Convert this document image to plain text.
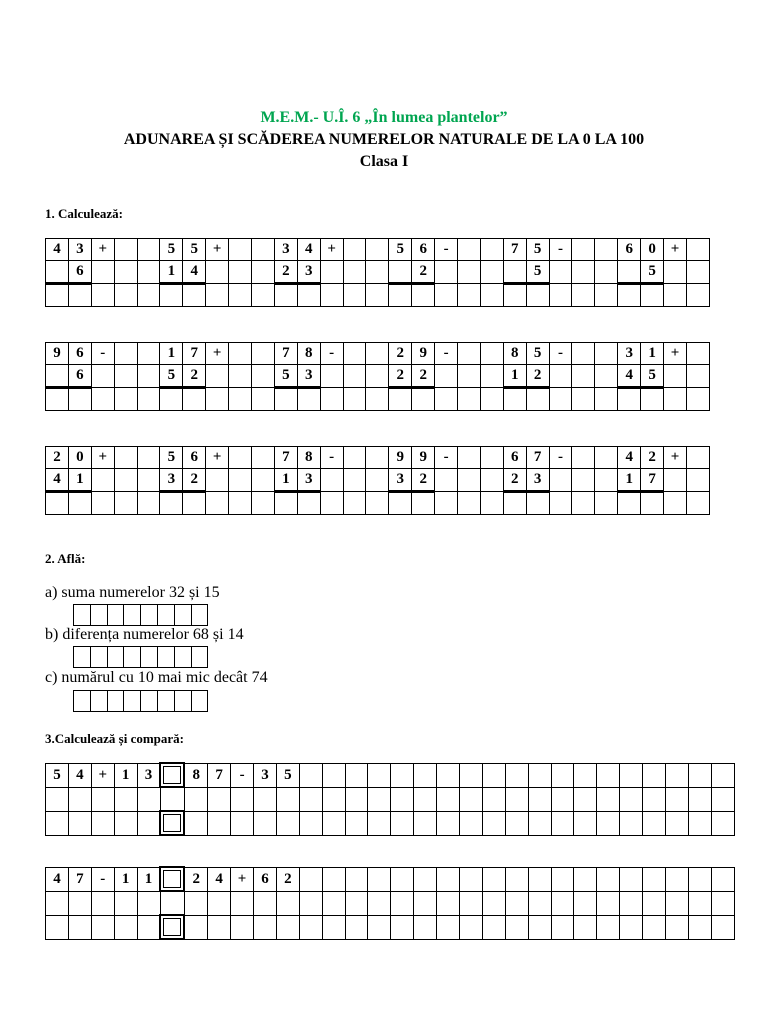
M.E.M.- U.Î. 6 „În lumea plantelor”
ADUNAREA ȘI SCĂDEREA NUMERELOR NATURALE DE LA 0 LA 100
Clasa I
1. Calculează:
4	3	+			5	5	+			3	4	+			5	6	-			7	5	-			6	0	+	
	6				1	4				2	3					2					5					5		

9	6	-			1	7	+			7	8	-			2	9	-			8	5	-			3	1	+	
	6				5	2				5	3				2	2				1	2				4	5		

2	0	+			5	6	+			7	8	-			9	9	-			6	7	-			4	2	+	
4	1				3	2				1	3				3	2				2	3				1	7		

2. Află:
a) suma numerelor 32 și 15

b) diferența numerelor 68 și 14

c) numărul cu 10 mai mic decât 74

3.Calculează și compară:
5	4	+	1	3		8	7	-	3	5																			

4	7	-	1	1		2	4	+	6	2																			
